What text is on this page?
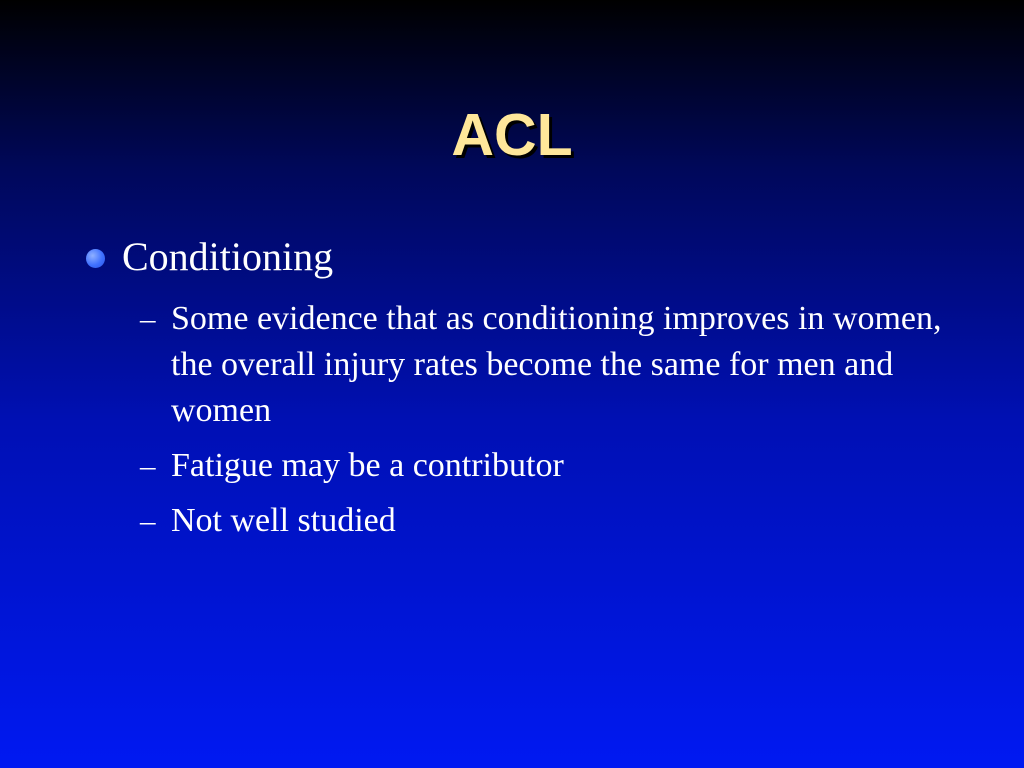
ACL
Conditioning
– Some evidence that as conditioning improves in women, the overall injury rates become the same for men and women
– Fatigue may be a contributor
– Not well studied
